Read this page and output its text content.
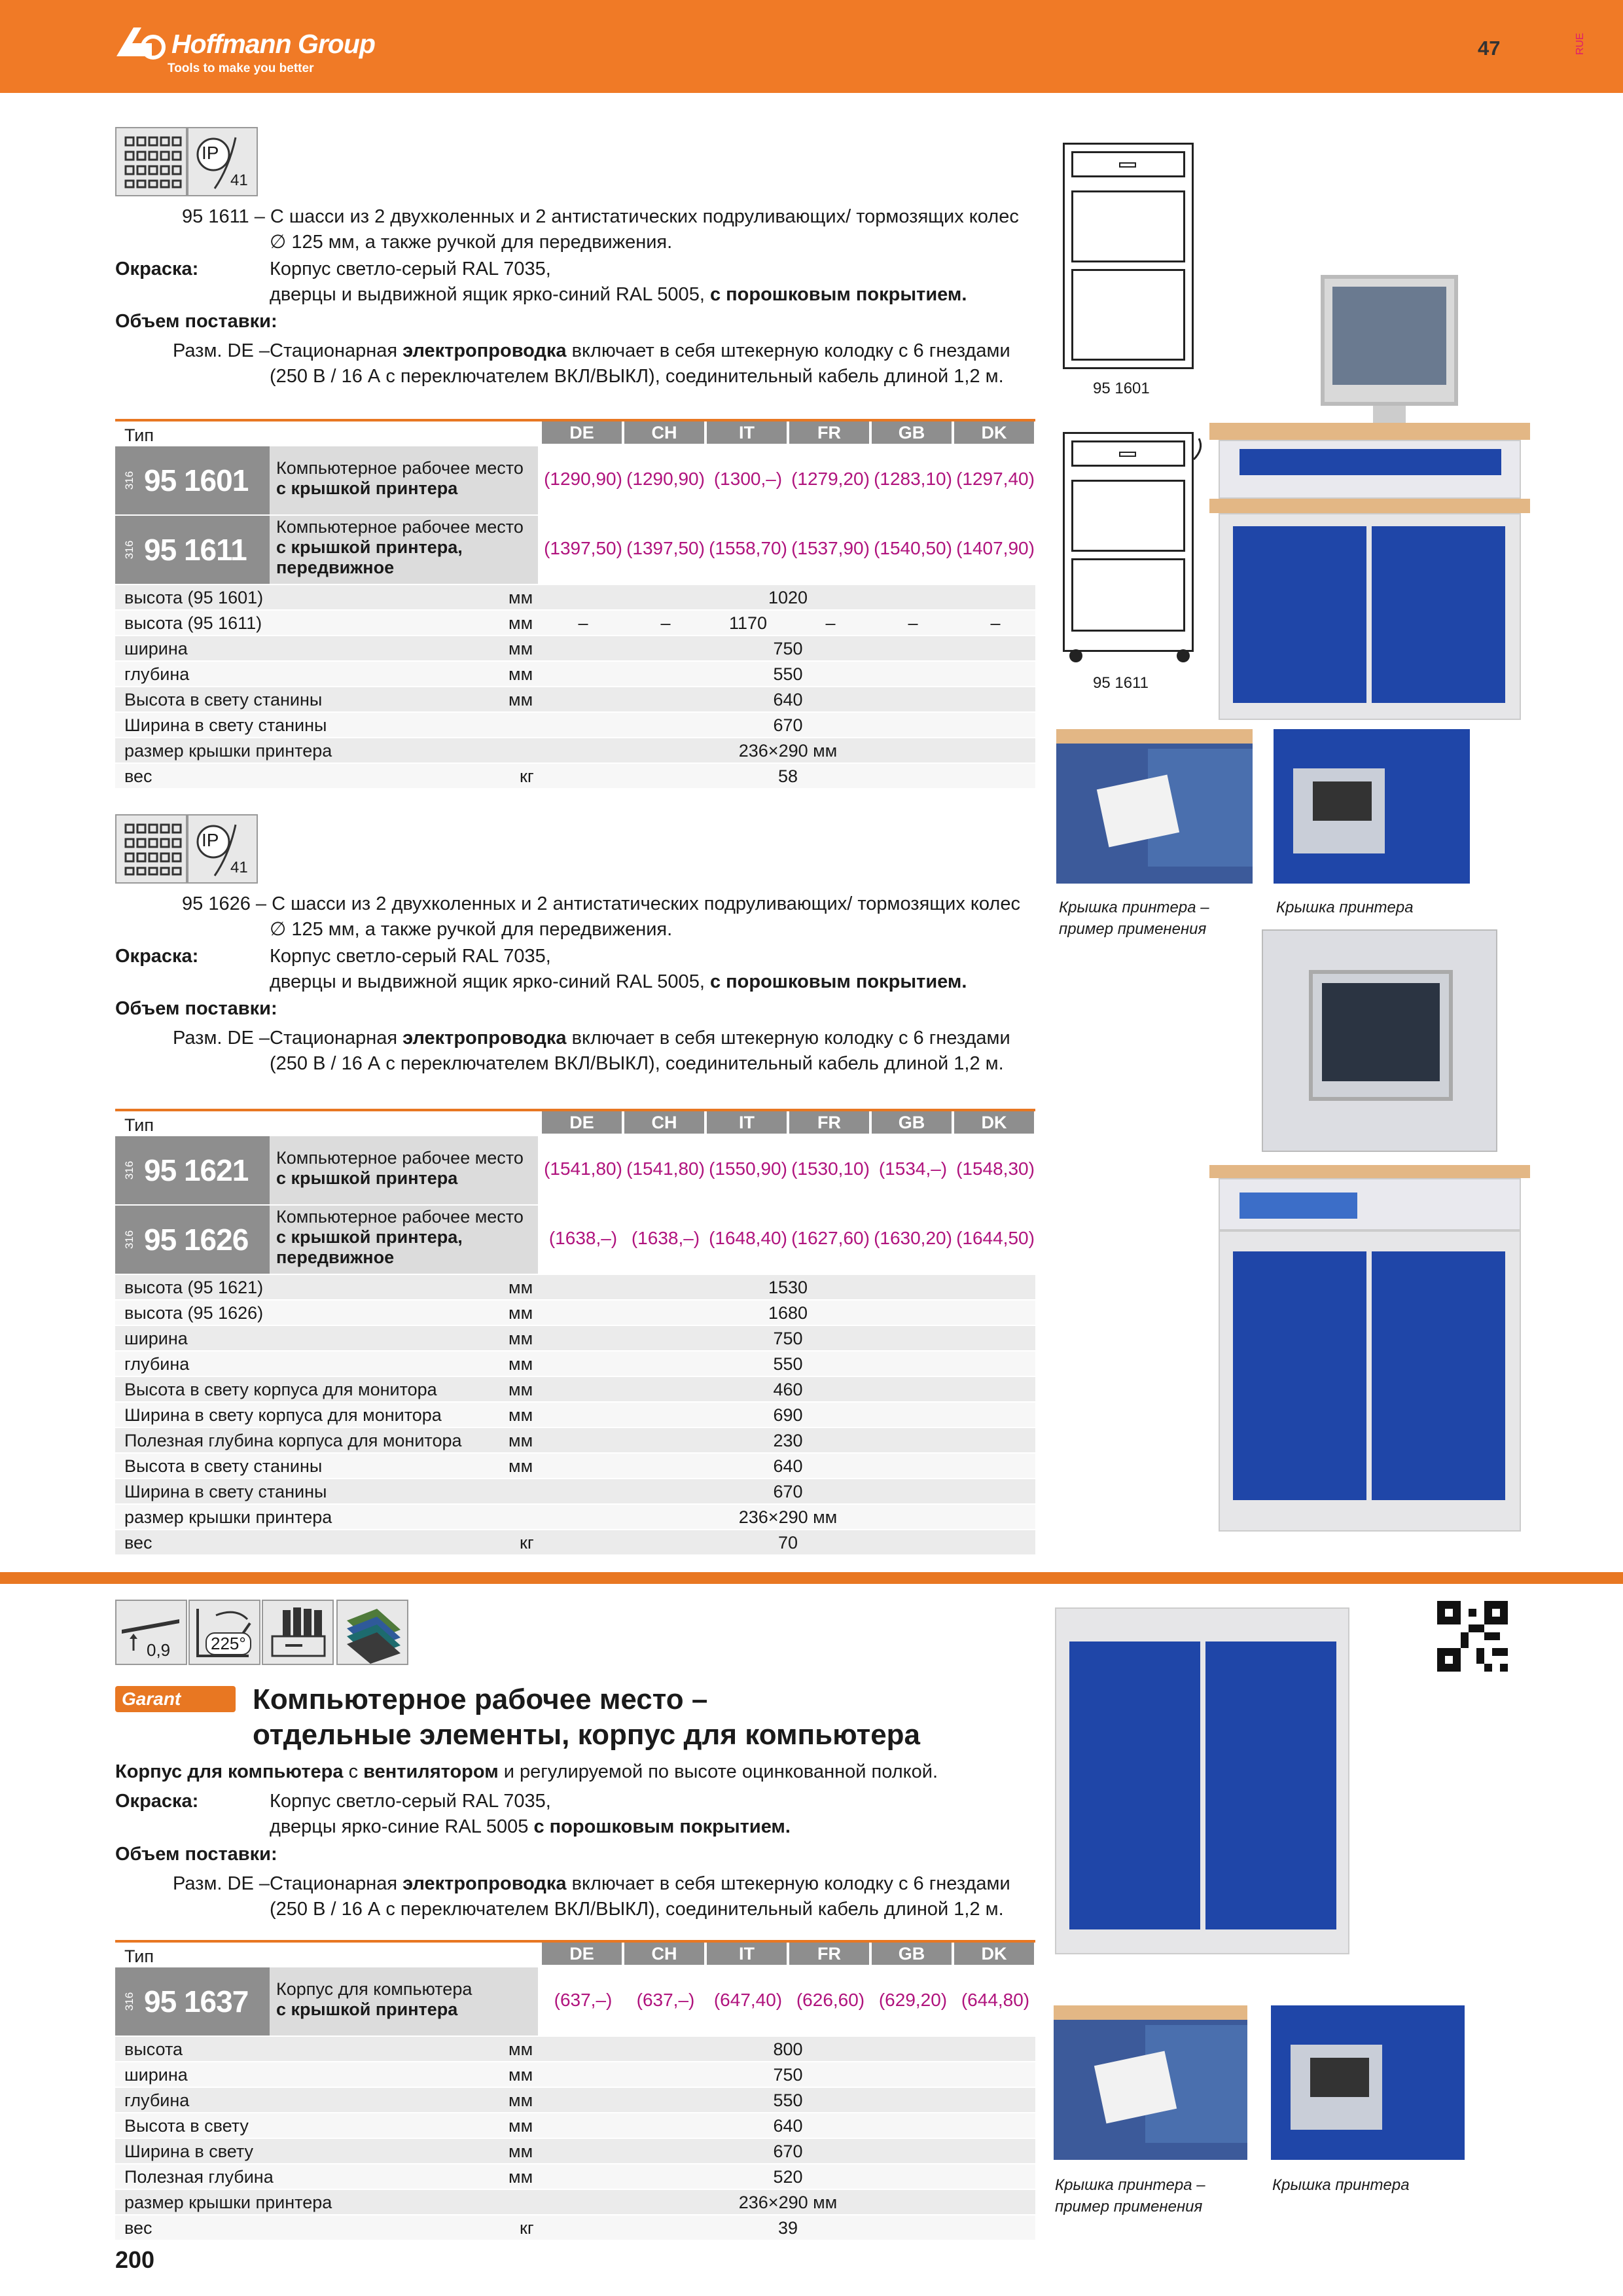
Hoffmann Group
Tools to make you better
47	RUE
IP
41
95 1611 – С шасси из 2 двухколенных и 2 антистатических подруливающих/ тормозящих колес
∅ 125 мм, а также ручкой для передвижения.
Окраска:	Корпус светло-серый RAL 7035,
дверцы и выдвижной ящик ярко-синий RAL 5005, с порошковым покрытием.
Объем поставки:
Разм. DE – Стационарная электропроводка включает в себя штекерную колодку с 6 гнездами
(250 В / 16 А с переключателем ВКЛ/ВЫКЛ), соединительный кабель длиной 1,2 м.
Тип	DE	CH	IT	FR	GB	DK
316 95 1601 Компьютерное рабочее место
с крышкой принтера	(1290,90) (1290,90) (1300,–) (1279,20) (1283,10) (1297,40)
316 95 1611
Компьютерное рабочее место
с крышкой принтера,
передвижное
(1397,50) (1397,50) (1558,70) (1537,90) (1540,50) (1407,90)
высота (95 1601)	мм	1020
высота (95 1611)	мм	–	–	1170	–	–	–
ширина	мм	750
глубина	мм	550
Высота в свету станины	мм	640
Ширина в свету станины	670
размер крышки принтера	236×290 мм
вес	кг	58
IP
41
95 1626 – С шасси из 2 двухколенных и 2 антистатических подруливающих/ тормозящих колес
∅ 125 мм, а также ручкой для передвижения.
Окраска:	Корпус светло-серый RAL 7035,
дверцы и выдвижной ящик ярко-синий RAL 5005, с порошковым покрытием.
Объем поставки:
Разм. DE – Стационарная электропроводка включает в себя штекерную колодку с 6 гнездами
(250 В / 16 А с переключателем ВКЛ/ВЫКЛ), соединительный кабель длиной 1,2 м.
Тип	DE	CH	IT	FR	GB	DK
316 95 1621 Компьютерное рабочее место
с крышкой принтера	(1541,80) (1541,80) (1550,90) (1530,10) (1534,–) (1548,30)
316 95 1626
Компьютерное рабочее место
с крышкой принтера,
передвижное
(1638,–) (1638,–) (1648,40) (1627,60) (1630,20) (1644,50)
высота (95 1621)	мм	1530
высота (95 1626)	мм	1680
ширина	мм	750
глубина	мм	550
Высота в свету корпуса для монитора	мм	460
Ширина в свету корпуса для монитора	мм	690
Полезная глубина корпуса для монитора	мм	230
Высота в свету станины	мм	640
Ширина в свету станины	670
размер крышки принтера	236×290 мм
вес	кг	70
0,9	225°
Garant Компьютерное рабочее место –
отдельные элементы, корпус для компьютера
Корпус для компьютера с вентилятором и регулируемой по высоте оцинкованной полкой.
Окраска:	Корпус светло-серый RAL 7035,
дверцы ярко-синие RAL 5005 с порошковым покрытием.
Объем поставки:
Разм. DE – Стационарная электропроводка включает в себя штекерную колодку с 6 гнездами
(250 В / 16 А с переключателем ВКЛ/ВЫКЛ), соединительный кабель длиной 1,2 м.
Тип	DE	CH	IT	FR	GB	DK
316 95 1637 Корпус для компьютера
с крышкой принтера	(637,–)	(637,–)	(647,40) (626,60) (629,20) (644,80)
высота	мм	800
ширина	мм	750
глубина	мм	550
Высота в свету	мм	640
Ширина в свету	мм	670
Полезная глубина	мм	520
размер крышки принтера	236×290 мм
вес	кг	39
200
95 1601
95 1611
Крышка принтера –
пример применения
Крышка принтера
Крышка принтера –
пример применения
Крышка принтера
